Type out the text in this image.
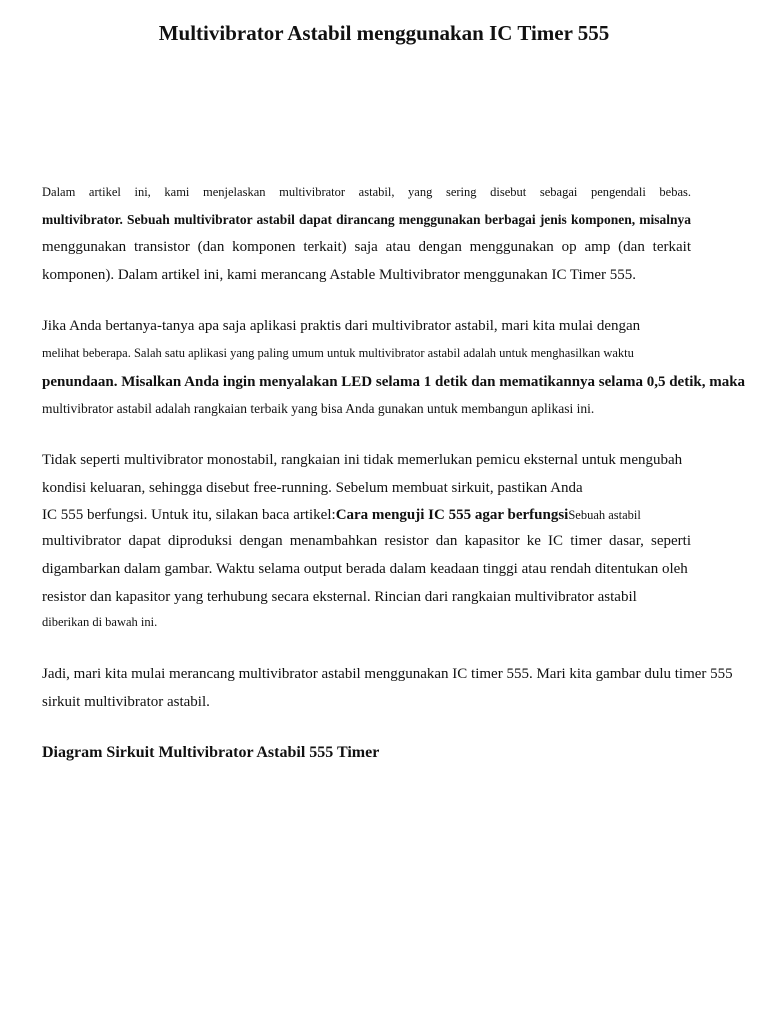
Multivibrator Astabil menggunakan IC Timer 555

Dalam artikel ini, kami menjelaskan multivibrator astabil, yang sering disebut sebagai pengendali bebas.

multivibrator. Sebuah multivibrator astabil dapat dirancang menggunakan berbagai jenis komponen, misalnya

menggunakan transistor (dan komponen terkait) saja atau dengan menggunakan op amp (dan terkait

komponen). Dalam artikel ini, kami merancang Astable Multivibrator menggunakan IC Timer 555.

Jika Anda bertanya-tanya apa saja aplikasi praktis dari multivibrator astabil, mari kita mulai dengan

melihat beberapa. Salah satu aplikasi yang paling umum untuk multivibrator astabil adalah untuk menghasilkan waktu

penundaan. Misalkan Anda ingin menyalakan LED selama 1 detik dan mematikannya selama 0,5 detik, maka

multivibrator astabil adalah rangkaian terbaik yang bisa Anda gunakan untuk membangun aplikasi ini.

Tidak seperti multivibrator monostabil, rangkaian ini tidak memerlukan pemicu eksternal untuk mengubah

kondisi keluaran, sehingga disebut free-running. Sebelum membuat sirkuit, pastikan Anda

IC 555 berfungsi. Untuk itu, silakan baca artikel:Cara menguji IC 555 agar berfungsiSebuah astabil

multivibrator dapat diproduksi dengan menambahkan resistor dan kapasitor ke IC timer dasar, seperti

digambarkan dalam gambar. Waktu selama output berada dalam keadaan tinggi atau rendah ditentukan oleh

resistor dan kapasitor yang terhubung secara eksternal. Rincian dari rangkaian multivibrator astabil

diberikan di bawah ini.

Jadi, mari kita mulai merancang multivibrator astabil menggunakan IC timer 555. Mari kita gambar dulu timer 555

sirkuit multivibrator astabil.

Diagram Sirkuit Multivibrator Astabil 555 Timer
